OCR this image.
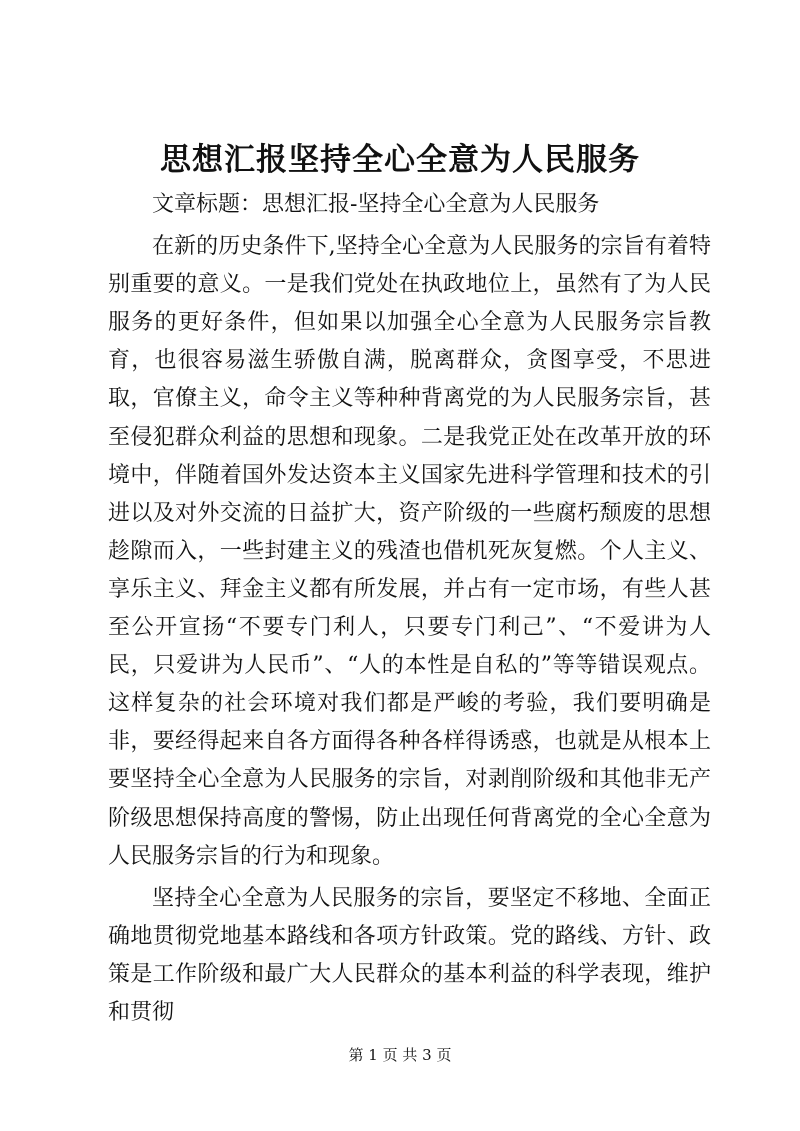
思想汇报坚持全心全意为人民服务

文章标题：思想汇报-坚持全心全意为人民服务

在新的历史条件下,坚持全心全意为人民服务的宗旨有着特别重要的意义。一是我们党处在执政地位上，虽然有了为人民服务的更好条件，但如果以加强全心全意为人民服务宗旨教育，也很容易滋生骄傲自满，脱离群众，贪图享受，不思进取，官僚主义，命令主义等种种背离党的为人民服务宗旨，甚至侵犯群众利益的思想和现象。二是我党正处在改革开放的环境中，伴随着国外发达资本主义国家先进科学管理和技术的引进以及对外交流的日益扩大，资产阶级的一些腐朽颓废的思想趁隙而入，一些封建主义的残渣也借机死灰复燃。个人主义、享乐主义、拜金主义都有所发展，并占有一定市场，有些人甚至公开宣扬“不要专门利人，只要专门利己”、“不爱讲为人民，只爱讲为人民币”、“人的本性是自私的”等等错误观点。这样复杂的社会环境对我们都是严峻的考验，我们要明确是非，要经得起来自各方面得各种各样得诱惑，也就是从根本上要坚持全心全意为人民服务的宗旨，对剥削阶级和其他非无产阶级思想保持高度的警惕，防止出现任何背离党的全心全意为人民服务宗旨的行为和现象。

坚持全心全意为人民服务的宗旨，要坚定不移地、全面正确地贯彻党地基本路线和各项方针政策。党的路线、方针、政策是工作阶级和最广大人民群众的基本利益的科学表现，维护和贯彻

第 1 页 共 3 页
